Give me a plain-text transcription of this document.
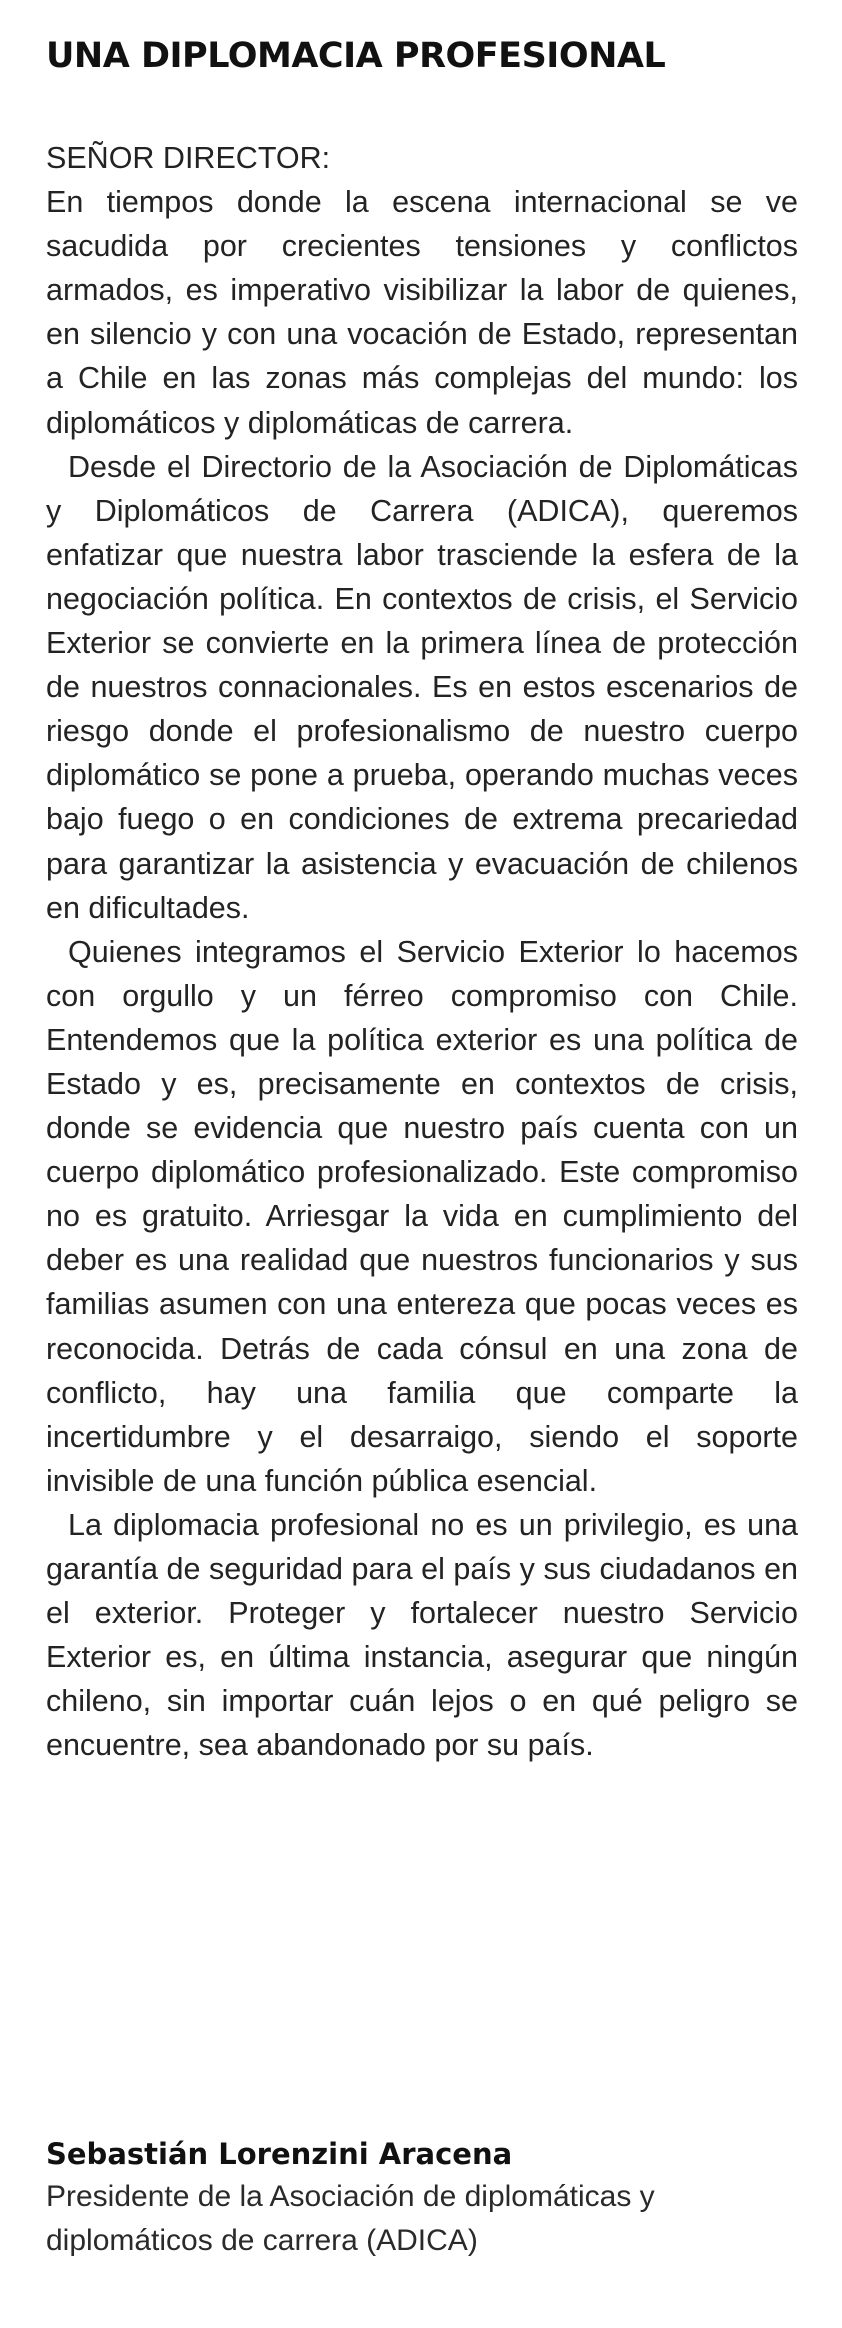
UNA DIPLOMACIA PROFESIONAL

SEÑOR DIRECTOR:

En tiempos donde la escena internacional se ve sacudida por crecientes tensiones y conflictos armados, es imperativo visibilizar la labor de quienes, en silencio y con una vocación de Estado, representan a Chile en las zonas más complejas del mundo: los diplomáticos y diplomáticas de carrera.

Desde el Directorio de la Asociación de Diplomáticas y Diplomáticos de Carrera (ADICA), queremos enfatizar que nuestra labor trasciende la esfera de la negociación política. En contextos de crisis, el Servicio Exterior se convierte en la primera línea de protección de nuestros connacionales. Es en estos escenarios de riesgo donde el profesionalismo de nuestro cuerpo diplomático se pone a prueba, operando muchas veces bajo fuego o en condiciones de extrema precariedad para garantizar la asistencia y evacuación de chilenos en dificultades.

Quienes integramos el Servicio Exterior lo hacemos con orgullo y un férreo compromiso con Chile. Entendemos que la política exterior es una política de Estado y es, precisamente en contextos de crisis, donde se evidencia que nuestro país cuenta con un cuerpo diplomático profesionalizado. Este compromiso no es gratuito. Arriesgar la vida en cumplimiento del deber es una realidad que nuestros funcionarios y sus familias asumen con una entereza que pocas veces es reconocida. Detrás de cada cónsul en una zona de conflicto, hay una familia que comparte la incertidumbre y el desarraigo, siendo el soporte invisible de una función pública esencial.

La diplomacia profesional no es un privilegio, es una garantía de seguridad para el país y sus ciudadanos en el exterior. Proteger y fortalecer nuestro Servicio Exterior es, en última instancia, asegurar que ningún chileno, sin importar cuán lejos o en qué peligro se encuentre, sea abandonado por su país.

Sebastián Lorenzini Aracena

Presidente de la Asociación de diplomáticas y

diplomáticos de carrera (ADICA)
